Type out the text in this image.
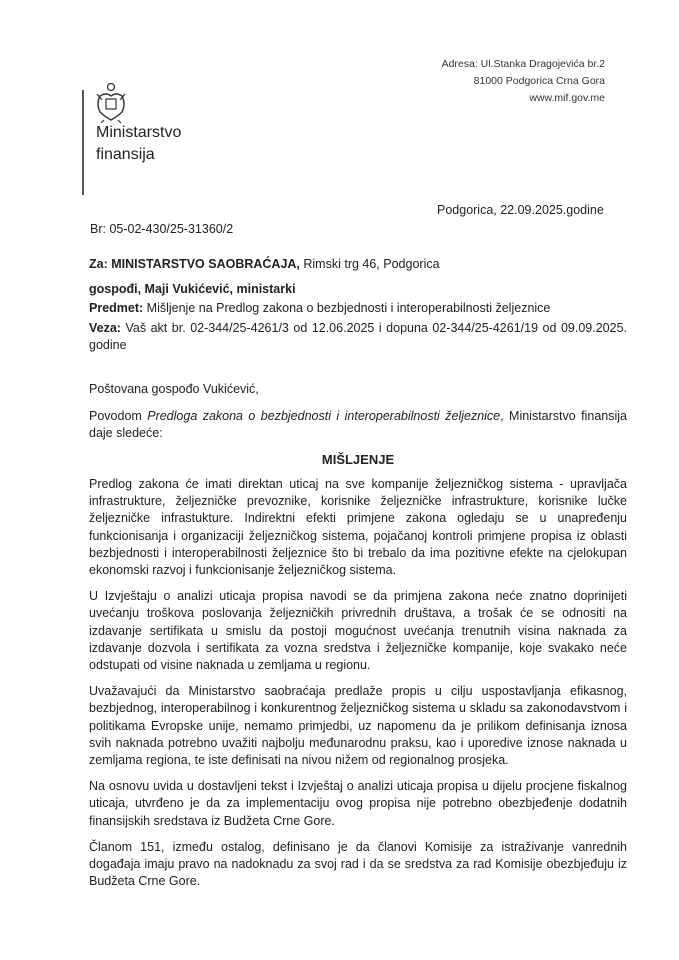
Adresa: Ul.Stanka Dragojevića br.2
81000 Podgorica Crna Gora
www.mif.gov.me
Ministarstvo
finansija
Podgorica, 22.09.2025.godine
Br: 05-02-430/25-31360/2
Za: MINISTARSTVO SAOBRAĆAJA, Rimski trg 46, Podgorica
gospođi, Maji Vukićević, ministarki
Predmet: Mišljenje na Predlog zakona o bezbjednosti i interoperabilnosti željeznice
Veza: Vaš akt br. 02-344/25-4261/3 od 12.06.2025 i dopuna 02-344/25-4261/19 od 09.09.2025. godine
Poštovana gospođo Vukićević,
Povodom Predloga zakona o bezbjednosti i interoperabilnosti željeznice, Ministarstvo finansija daje sledeće:
MIŠLJENJE

Predlog zakona će imati direktan uticaj na sve kompanije željezničkog sistema - upravljača infrastrukture, željezničke prevoznike, korisnike željezničke infrastrukture, korisnike lučke željezničke infrastukture. Indirektni efekti primjene zakona ogledaju se u unapređenju funkcionisanja i organizaciji željezničkog sistema, pojačanoj kontroli primjene propisa iz oblasti bezbjednosti i interoperabilnosti željeznice što bi trebalo da ima pozitivne efekte na cjelokupan ekonomski razvoj i funkcionisanje željezničkog sistema.

U Izvještaju o analizi uticaja propisa navodi se da primjena zakona neće znatno doprinijeti uvećanju troškova poslovanja željezničkih privrednih društava, a trošak će se odnositi na izdavanje sertifikata u smislu da postoji mogućnost uvećanja trenutnih visina naknada za izdavanje dozvola i sertifikata za vozna sredstva i željezničke kompanije, koje svakako neće odstupati od visine naknada u zemljama u regionu.

Uvažavajući da Ministarstvo saobraćaja predlaže propis u cilju uspostavljanja efikasnog, bezbjednog, interoperabilnog i konkurentnog željezničkog sistema u skladu sa zakonodavstvom i politikama Evropske unije, nemamo primjedbi, uz napomenu da je prilikom definisanja iznosa svih naknada potrebno uvažiti najbolju međunarodnu praksu, kao i uporedive iznose naknada u zemljama regiona, te iste definisati na nivou nižem od regionalnog prosjeka.

Na osnovu uvida u dostavljeni tekst i Izvještaj o analizi uticaja propisa u dijelu procjene fiskalnog uticaja, utvrđeno je da za implementaciju ovog propisa nije potrebno obezbjeđenje dodatnih finansijskih sredstava iz Budžeta Crne Gore.

Članom 151, između ostalog, definisano je da članovi Komisije za istraživanje vanrednih događaja imaju pravo na nadoknadu za svoj rad i da se sredstva za rad Komisije obezbjeđuju iz Budžeta Crne Gore.
